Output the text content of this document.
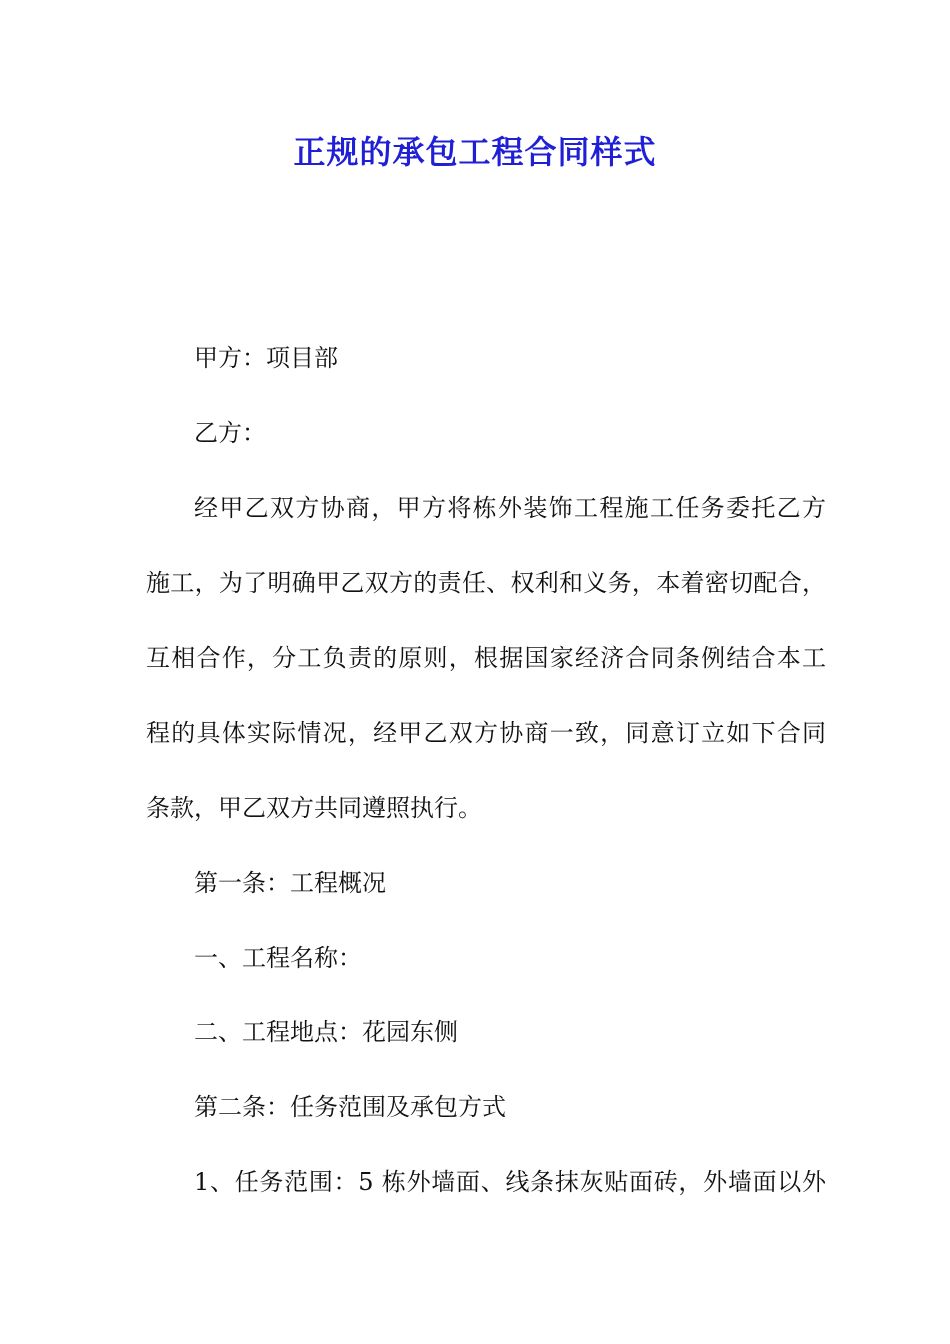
正规的承包工程合同样式
甲方：项目部
乙方：
经甲乙双方协商，甲方将栋外装饰工程施工任务委托乙方
施工，为了明确甲乙双方的责任、权利和义务，本着密切配合，
互相合作，分工负责的原则，根据国家经济合同条例结合本工
程的具体实际情况，经甲乙双方协商一致，同意订立如下合同
条款，甲乙双方共同遵照执行。
第一条：工程概况
一、工程名称：
二、工程地点：花园东侧
第二条：任务范围及承包方式
1、任务范围：5 栋外墙面、线条抹灰贴面砖，外墙面以外
